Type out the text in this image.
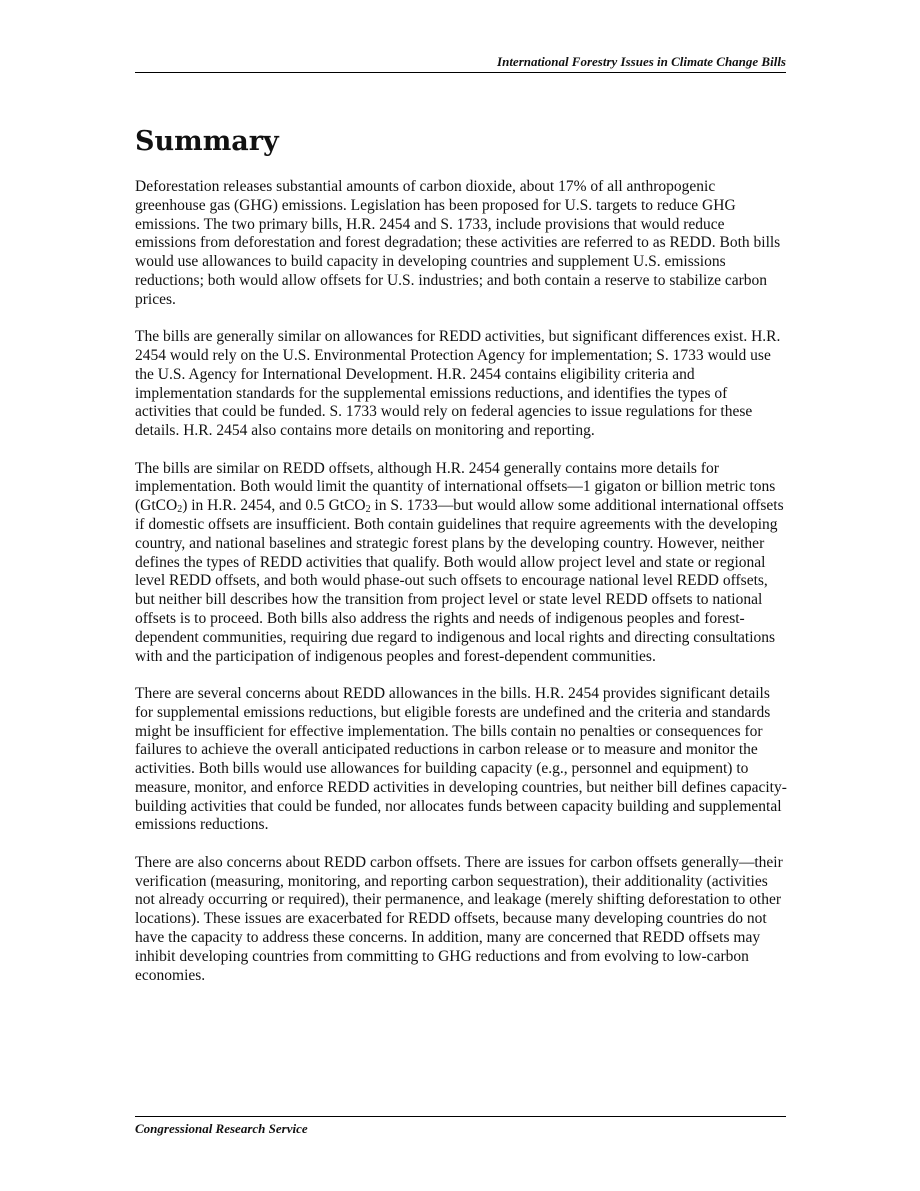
International Forestry Issues in Climate Change Bills
Summary

Deforestation releases substantial amounts of carbon dioxide, about 17% of all anthropogenic greenhouse gas (GHG) emissions. Legislation has been proposed for U.S. targets to reduce GHG emissions. The two primary bills, H.R. 2454 and S. 1733, include provisions that would reduce emissions from deforestation and forest degradation; these activities are referred to as REDD. Both bills would use allowances to build capacity in developing countries and supplement U.S. emissions reductions; both would allow offsets for U.S. industries; and both contain a reserve to stabilize carbon prices.

The bills are generally similar on allowances for REDD activities, but significant differences exist. H.R. 2454 would rely on the U.S. Environmental Protection Agency for implementation; S. 1733 would use the U.S. Agency for International Development. H.R. 2454 contains eligibility criteria and implementation standards for the supplemental emissions reductions, and identifies the types of activities that could be funded. S. 1733 would rely on federal agencies to issue regulations for these details. H.R. 2454 also contains more details on monitoring and reporting.

The bills are similar on REDD offsets, although H.R. 2454 generally contains more details for implementation. Both would limit the quantity of international offsets—1 gigaton or billion metric tons (GtCO$_2$) in H.R. 2454, and 0.5 GtCO$_2$ in S. 1733—but would allow some additional international offsets if domestic offsets are insufficient. Both contain guidelines that require agreements with the developing country, and national baselines and strategic forest plans by the developing country. However, neither defines the types of REDD activities that qualify. Both would allow project level and state or regional level REDD offsets, and both would phase-out such offsets to encourage national level REDD offsets, but neither bill describes how the transition from project level or state level REDD offsets to national offsets is to proceed. Both bills also address the rights and needs of indigenous peoples and forest-dependent communities, requiring due regard to indigenous and local rights and directing consultations with and the participation of indigenous peoples and forest-dependent communities.

There are several concerns about REDD allowances in the bills. H.R. 2454 provides significant details for supplemental emissions reductions, but eligible forests are undefined and the criteria and standards might be insufficient for effective implementation. The bills contain no penalties or consequences for failures to achieve the overall anticipated reductions in carbon release or to measure and monitor the activities. Both bills would use allowances for building capacity (e.g., personnel and equipment) to measure, monitor, and enforce REDD activities in developing countries, but neither bill defines capacity-building activities that could be funded, nor allocates funds between capacity building and supplemental emissions reductions.

There are also concerns about REDD carbon offsets. There are issues for carbon offsets generally—their verification (measuring, monitoring, and reporting carbon sequestration), their additionality (activities not already occurring or required), their permanence, and leakage (merely shifting deforestation to other locations). These issues are exacerbated for REDD offsets, because many developing countries do not have the capacity to address these concerns. In addition, many are concerned that REDD offsets may inhibit developing countries from committing to GHG reductions and from evolving to low-carbon economies.

Congressional Research Service
